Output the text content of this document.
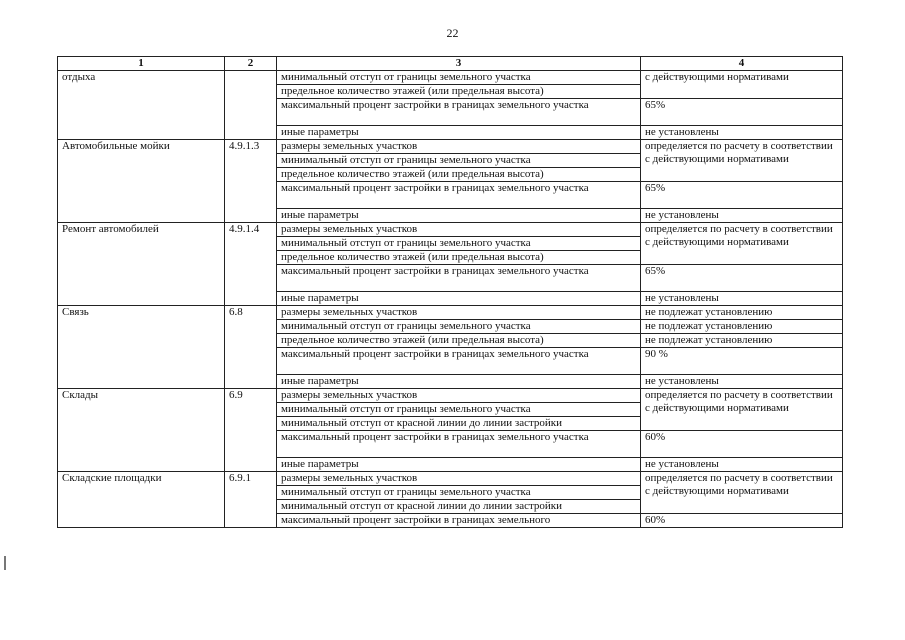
22
1	2	3	4
отдыха		минимальный отступ от границы земельного участка	с действующими нормативами
		предельное количество этажей (или предельная высота)	
		максимальный процент застройки в границах земельного участка	65%
		иные параметры	не установлены
Автомобильные мойки	4.9.1.3	размеры земельных участков	определяется по расчету в соответствии с действующими нормативами
		минимальный отступ от границы земельного участка	
		предельное количество этажей (или предельная высота)	
		максимальный процент застройки в границах земельного участка	65%
		иные параметры	не установлены
Ремонт автомобилей	4.9.1.4	размеры земельных участков	определяется по расчету в соответствии с действующими нормативами
		минимальный отступ от границы земельного участка	
		предельное количество этажей (или предельная высота)	
		максимальный процент застройки в границах земельного участка	65%
		иные параметры	не установлены
Связь	6.8	размеры земельных участков	не подлежат установлению
		минимальный отступ от границы земельного участка	не подлежат установлению
		предельное количество этажей (или предельная высота)	не подлежат установлению
		максимальный процент застройки в границах земельного участка	90 %
		иные параметры	не установлены
Склады	6.9	размеры земельных участков	определяется по расчету в соответствии с действующими нормативами
		минимальный отступ от границы земельного участка	
		минимальный отступ от красной линии до линии застройки	
		максимальный процент застройки в границах земельного участка	60%
		иные параметры	не установлены
Складские площадки	6.9.1	размеры земельных участков	определяется по расчету в соответствии с действующими нормативами
		минимальный отступ от границы земельного участка	
		минимальный отступ от красной линии до линии застройки	
		максимальный процент застройки в границах земельного	60%
